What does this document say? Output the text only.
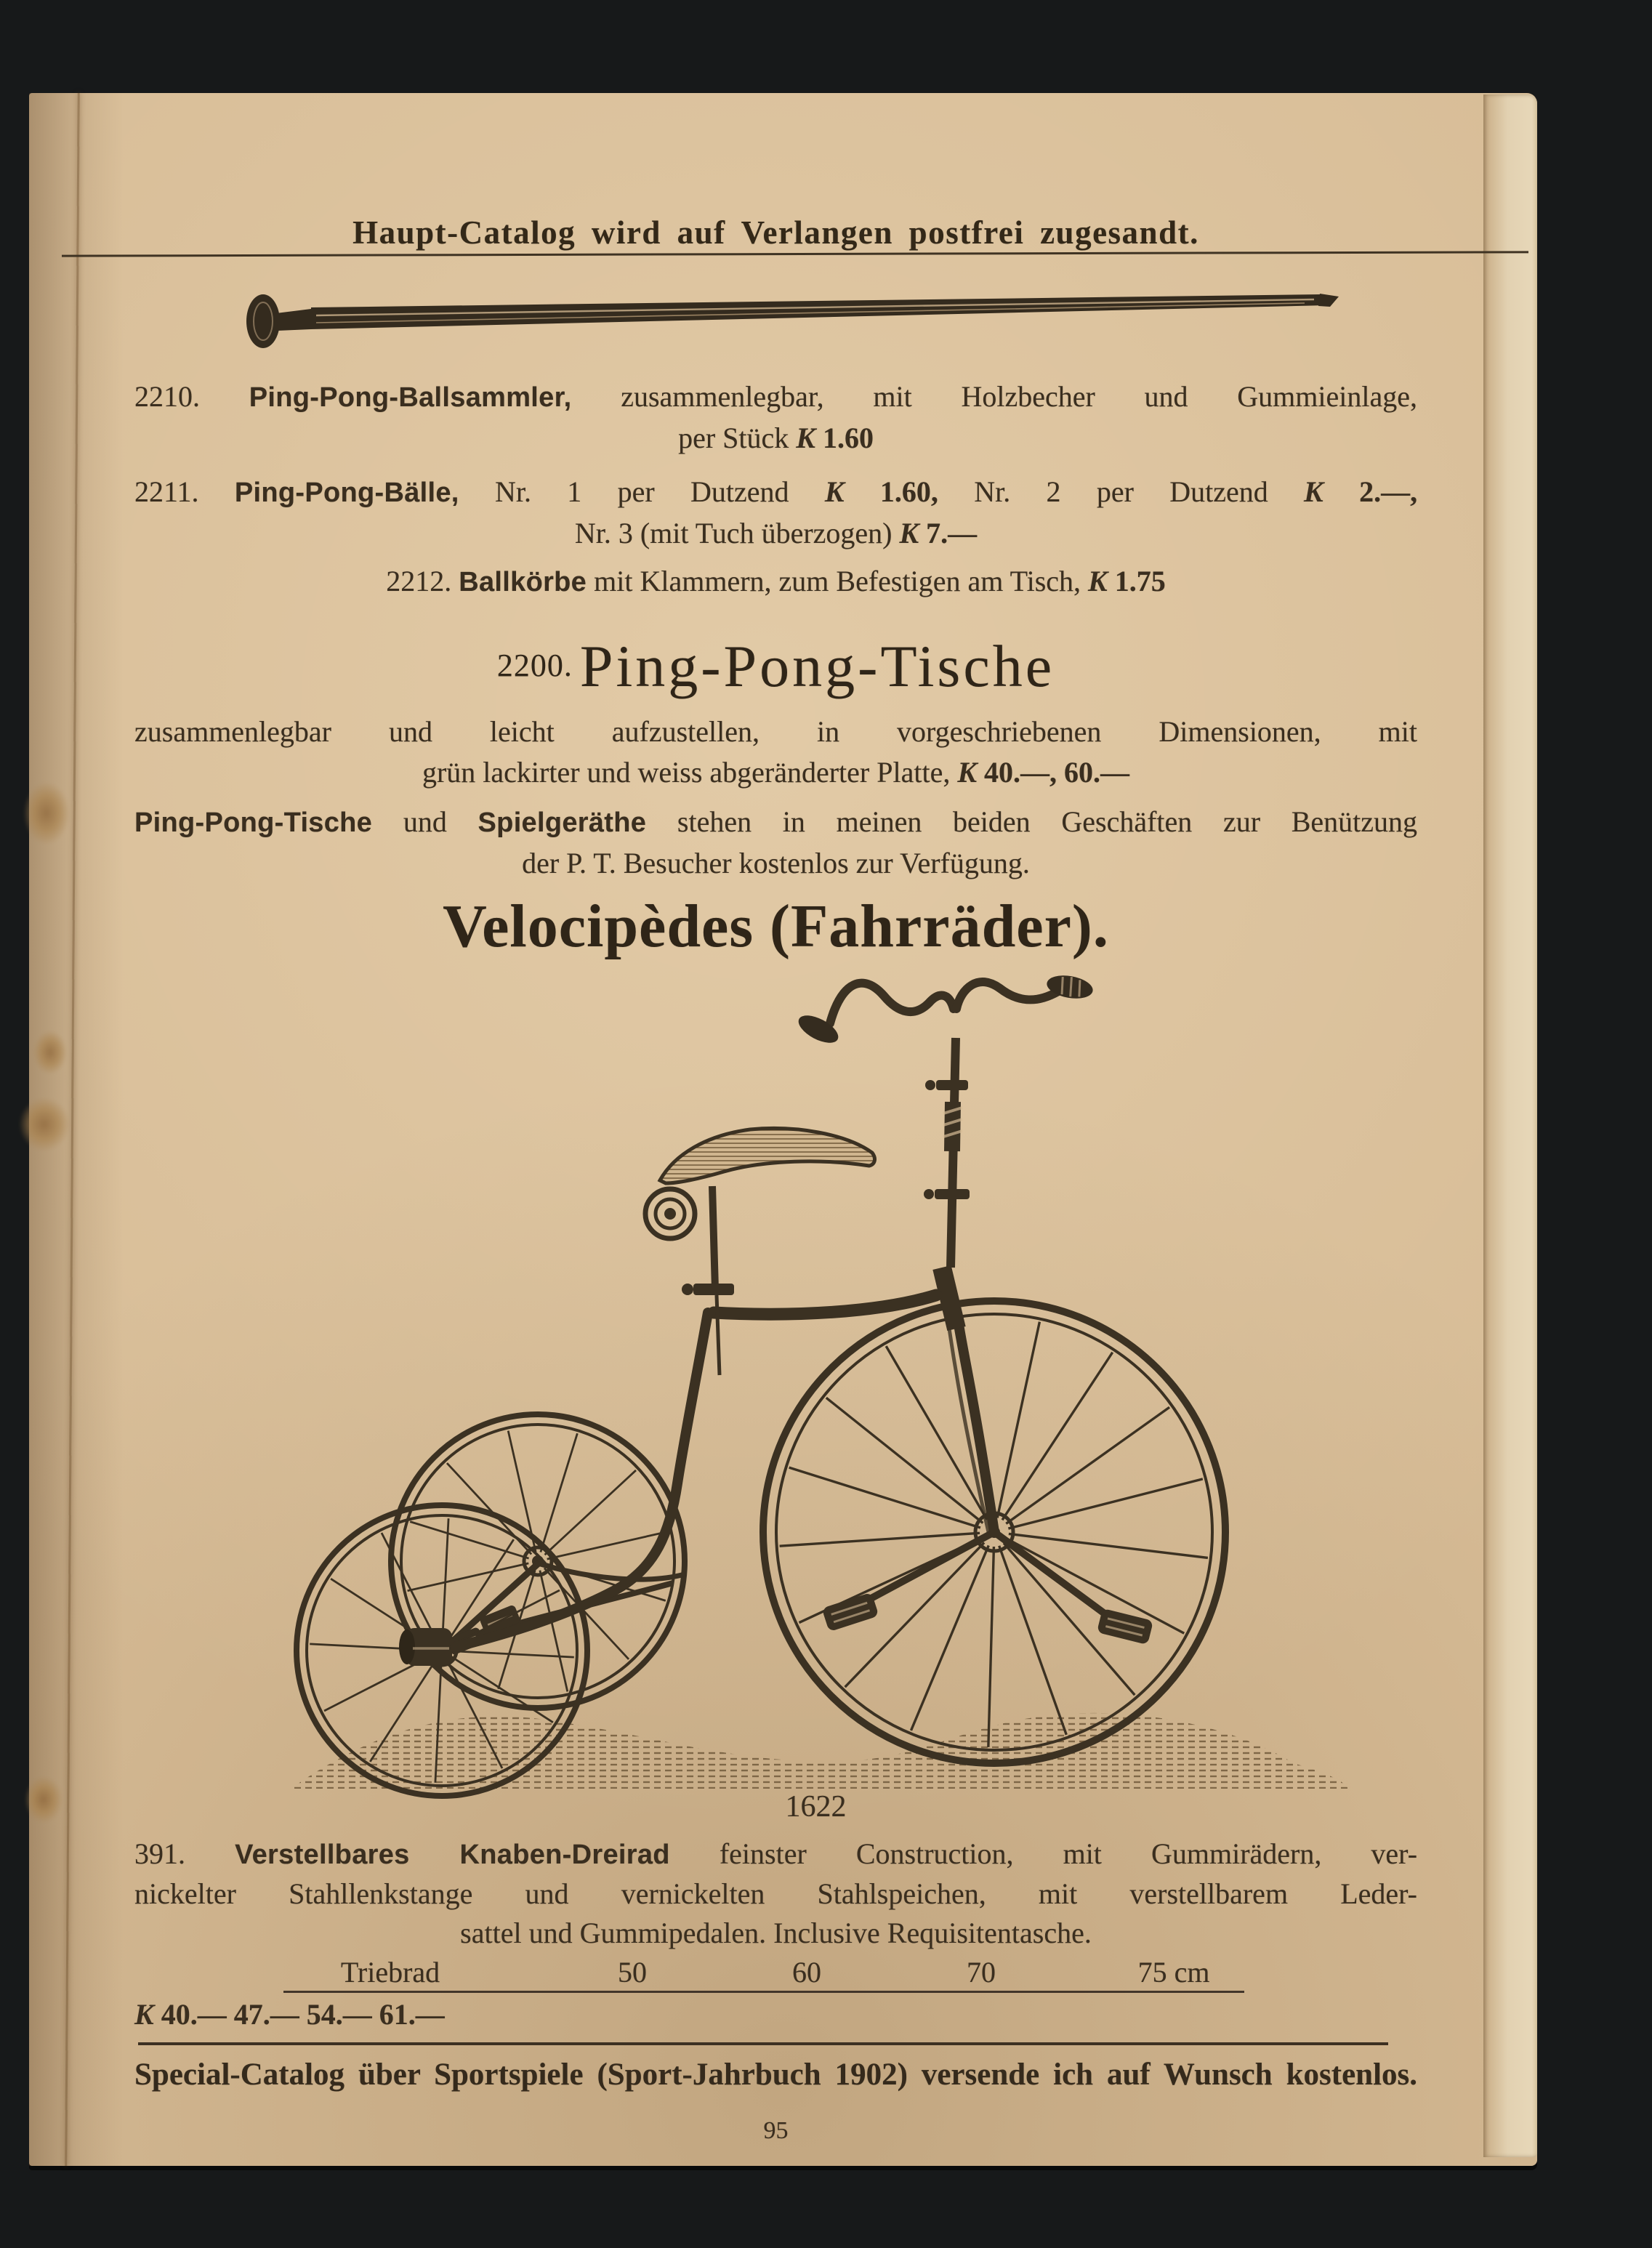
Haupt-Catalog wird auf Verlangen postfrei zugesandt.
2210. Ping-Pong-Ballsammler, zusammenlegbar, mit Holzbecher und Gummieinlage,
per Stück K 1.60
2211. Ping-Pong-Bälle, Nr. 1 per Dutzend K 1.60, Nr. 2 per Dutzend K 2.—,
Nr. 3 (mit Tuch überzogen) K 7.—
2212. Ballkörbe mit Klammern, zum Befestigen am Tisch, K 1.75
2200. Ping-Pong-Tische
zusammenlegbar und leicht aufzustellen, in vorgeschriebenen Dimensionen, mit
grün lackirter und weiss abgeränderter Platte, K 40.—, 60.—
Ping-Pong-Tische und Spielgeräthe stehen in meinen beiden Geschäften zur Benützung
der P. T. Besucher kostenlos zur Verfügung.
Velocipèdes (Fahrräder).
1622
391. Verstellbares Knaben-Dreirad feinster Construction, mit Gummirädern, ver-
nickelter Stahllenkstange und vernickelten Stahlspeichen, mit verstellbarem Leder-
sattel und Gummipedalen. Inclusive Requisitentasche.
Triebrad	50	60	70	75 cm
K 40.— 47.— 54.— 61.—
Special-Catalog über Sportspiele (Sport-Jahrbuch 1902) versende ich auf Wunsch kostenlos.
95
